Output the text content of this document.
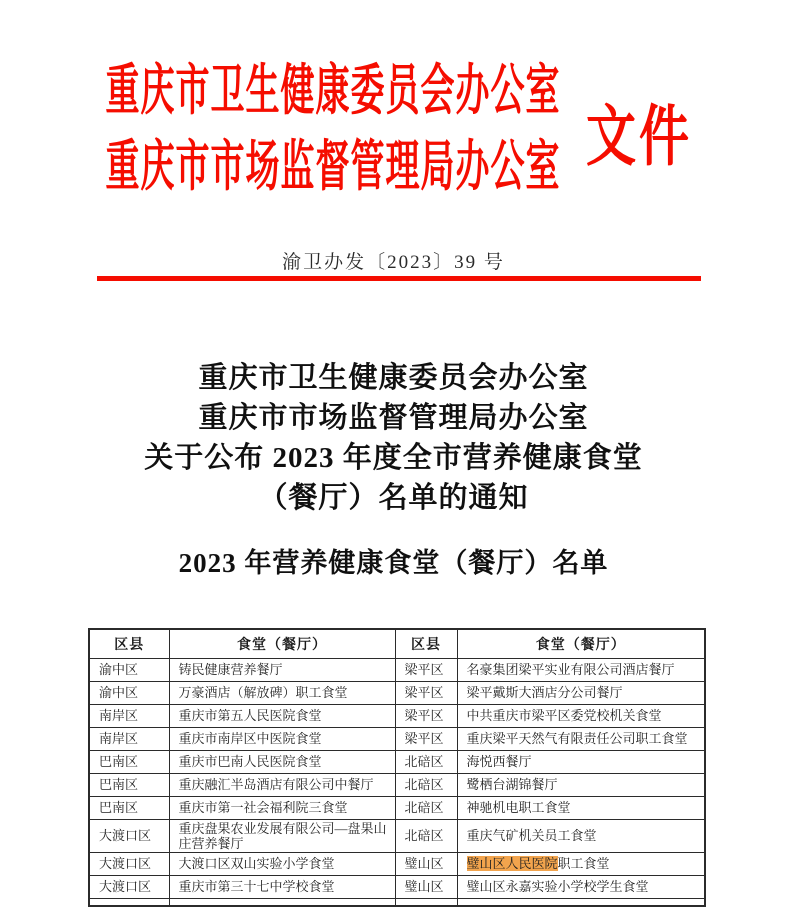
重庆市卫生健康委员会办公室
重庆市市场监督管理局办公室 文件
渝卫办发〔2023〕39 号
重庆市卫生健康委员会办公室
重庆市市场监督管理局办公室
关于公布 2023 年度全市营养健康食堂
（餐厅）名单的通知
2023 年营养健康食堂（餐厅）名单
区县	食堂（餐厅）	区县	食堂（餐厅）
渝中区	铸民健康营养餐厅	梁平区	名豪集团梁平实业有限公司酒店餐厅
渝中区	万豪酒店（解放碑）职工食堂	梁平区	梁平戴斯大酒店分公司餐厅
南岸区	重庆市第五人民医院食堂	梁平区	中共重庆市梁平区委党校机关食堂
南岸区	重庆市南岸区中医院食堂	梁平区	重庆梁平天然气有限责任公司职工食堂
巴南区	重庆市巴南人民医院食堂	北碚区	海悦西餐厅
巴南区	重庆融汇半岛酒店有限公司中餐厅	北碚区	鹭栖台湖锦餐厅
巴南区	重庆市第一社会福利院三食堂	北碚区	神驰机电职工食堂
大渡口区	重庆盘果农业发展有限公司—盘果山庄营养餐厅	北碚区	重庆气矿机关员工食堂
大渡口区	大渡口区双山实验小学食堂	璧山区	璧山区人民医院职工食堂
大渡口区	重庆市第三十七中学校食堂	璧山区	璧山区永嘉实验小学校学生食堂
